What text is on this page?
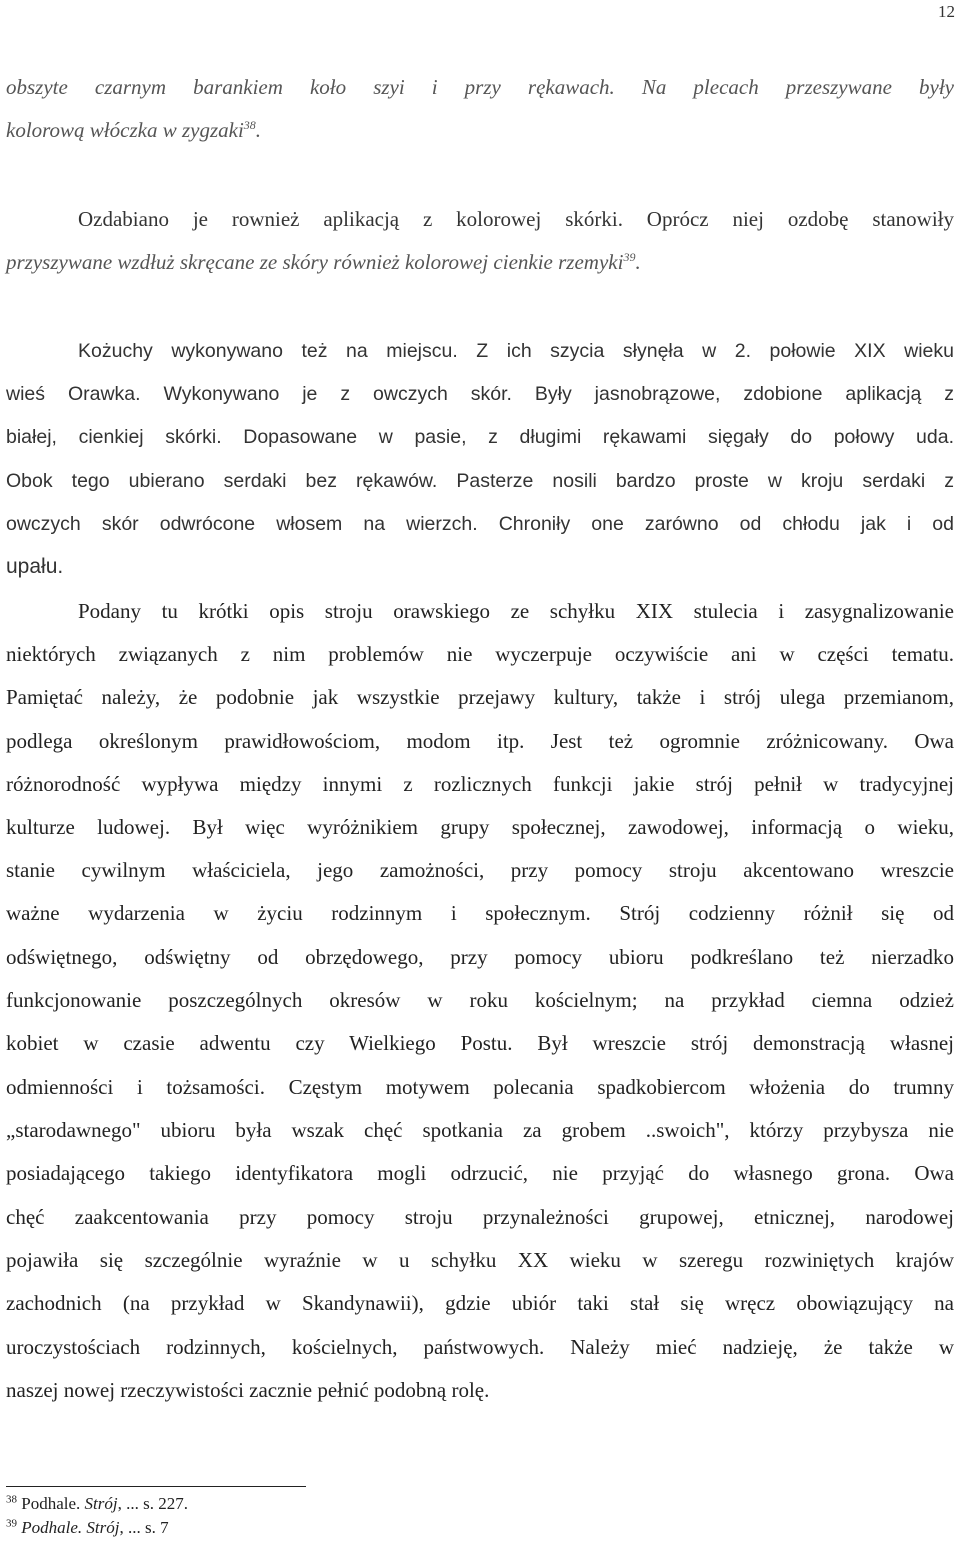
12
obszyte czarnym barankiem koło szyi i przy rękawach. Na plecach przeszywane były
kolorową włóczka w zygzaki$^{38}$.
Ozdabiano je rownież aplikacją z kolorowej skórki. Oprócz niej ozdobę stanowiły
przyszywane wzdłuż skręcane ze skóry również kolorowej cienkie rzemyki$^{39}$.
Kożuchy wykonywano też na miejscu. Z ich szycia słynęła w 2. połowie XIX wieku
wieś Orawka. Wykonywano je z owczych skór. Były jasnobrązowe, zdobione aplikacją z
białej, cienkiej skórki. Dopasowane w pasie, z długimi rękawami sięgały do połowy uda.
Obok tego ubierano serdaki bez rękawów. Pasterze nosili bardzo proste w kroju serdaki z
owczych skór odwrócone włosem na wierzch. Chroniły one zarówno od chłodu jak i od
upału.
Podany tu krótki opis stroju orawskiego ze schyłku XIX stulecia i zasygnalizowanie
niektórych związanych z nim problemów nie wyczerpuje oczywiście ani w części tematu.
Pamiętać należy, że podobnie jak wszystkie przejawy kultury, także i strój ulega przemianom,
podlega określonym prawidłowościom, modom itp. Jest też ogromnie zróżnicowany. Owa
różnorodność wypływa między innymi z rozlicznych funkcji jakie strój pełnił w tradycyjnej
kulturze ludowej. Był więc wyróżnikiem grupy społecznej, zawodowej, informacją o wieku,
stanie cywilnym właściciela, jego zamożności, przy pomocy stroju akcentowano wreszcie
ważne wydarzenia w życiu rodzinnym i społecznym. Strój codzienny różnił się od
odświętnego, odświętny od obrzędowego, przy pomocy ubioru podkreślano też nierzadko
funkcjonowanie poszczególnych okresów w roku kościelnym; na przykład ciemna odzież
kobiet w czasie adwentu czy Wielkiego Postu. Był wreszcie strój demonstracją własnej
odmienności i tożsamości. Częstym motywem polecania spadkobiercom włożenia do trumny
„starodawnego" ubioru była wszak chęć spotkania za grobem ..swoich", którzy przybysza nie
posiadającego takiego identyfikatora mogli odrzucić, nie przyjąć do własnego grona. Owa
chęć zaakcentowania przy pomocy stroju przynależności grupowej, etnicznej, narodowej
pojawiła się szczególnie wyraźnie w u schyłku XX wieku w szeregu rozwiniętych krajów
zachodnich (na przykład w Skandynawii), gdzie ubiór taki stał się wręcz obowiązujący na
uroczystościach rodzinnych, kościelnych, państwowych. Należy mieć nadzieję, że także w
naszej nowej rzeczywistości zacznie pełnić podobną rolę.
$^{38}$ Podhale. Strój, ... s. 227.
$^{39}$ Podhale. Strój, ... s. 7
